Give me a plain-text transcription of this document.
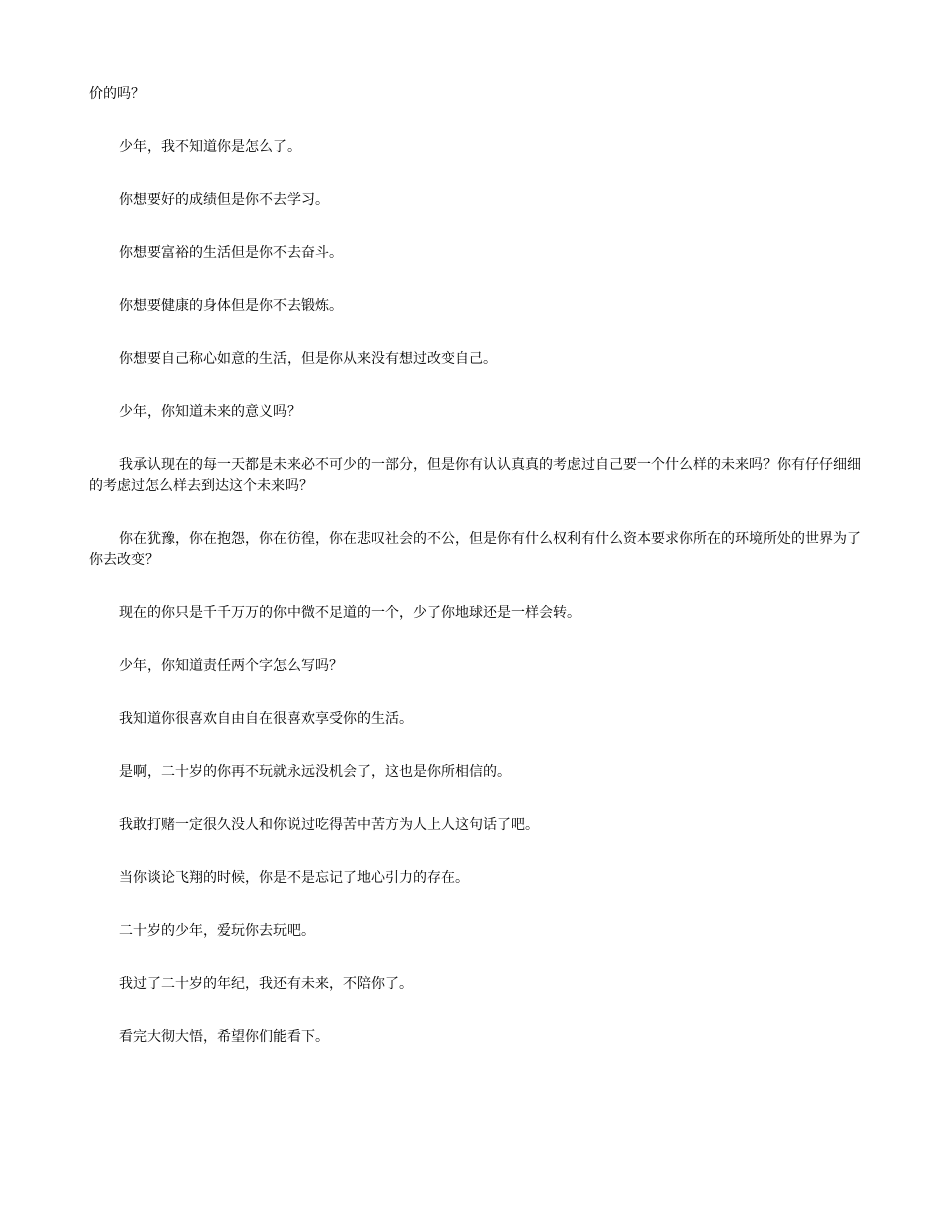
价的吗？

少年，我不知道你是怎么了。

你想要好的成绩但是你不去学习。

你想要富裕的生活但是你不去奋斗。

你想要健康的身体但是你不去锻炼。

你想要自己称心如意的生活，但是你从来没有想过改变自己。

少年，你知道未来的意义吗？

我承认现在的每一天都是未来必不可少的一部分，但是你有认认真真的考虑过自己要一个什么样的未来吗？你有仔仔细细的考虑过怎么样去到达这个未来吗？

你在犹豫，你在抱怨，你在彷徨，你在悲叹社会的不公，但是你有什么权利有什么资本要求你所在的环境所处的世界为了你去改变？

现在的你只是千千万万的你中微不足道的一个，少了你地球还是一样会转。

少年，你知道责任两个字怎么写吗？

我知道你很喜欢自由自在很喜欢享受你的生活。

是啊，二十岁的你再不玩就永远没机会了，这也是你所相信的。

我敢打赌一定很久没人和你说过吃得苦中苦方为人上人这句话了吧。

当你谈论飞翔的时候，你是不是忘记了地心引力的存在。

二十岁的少年，爱玩你去玩吧。

我过了二十岁的年纪，我还有未来，不陪你了。

看完大彻大悟，希望你们能看下。
